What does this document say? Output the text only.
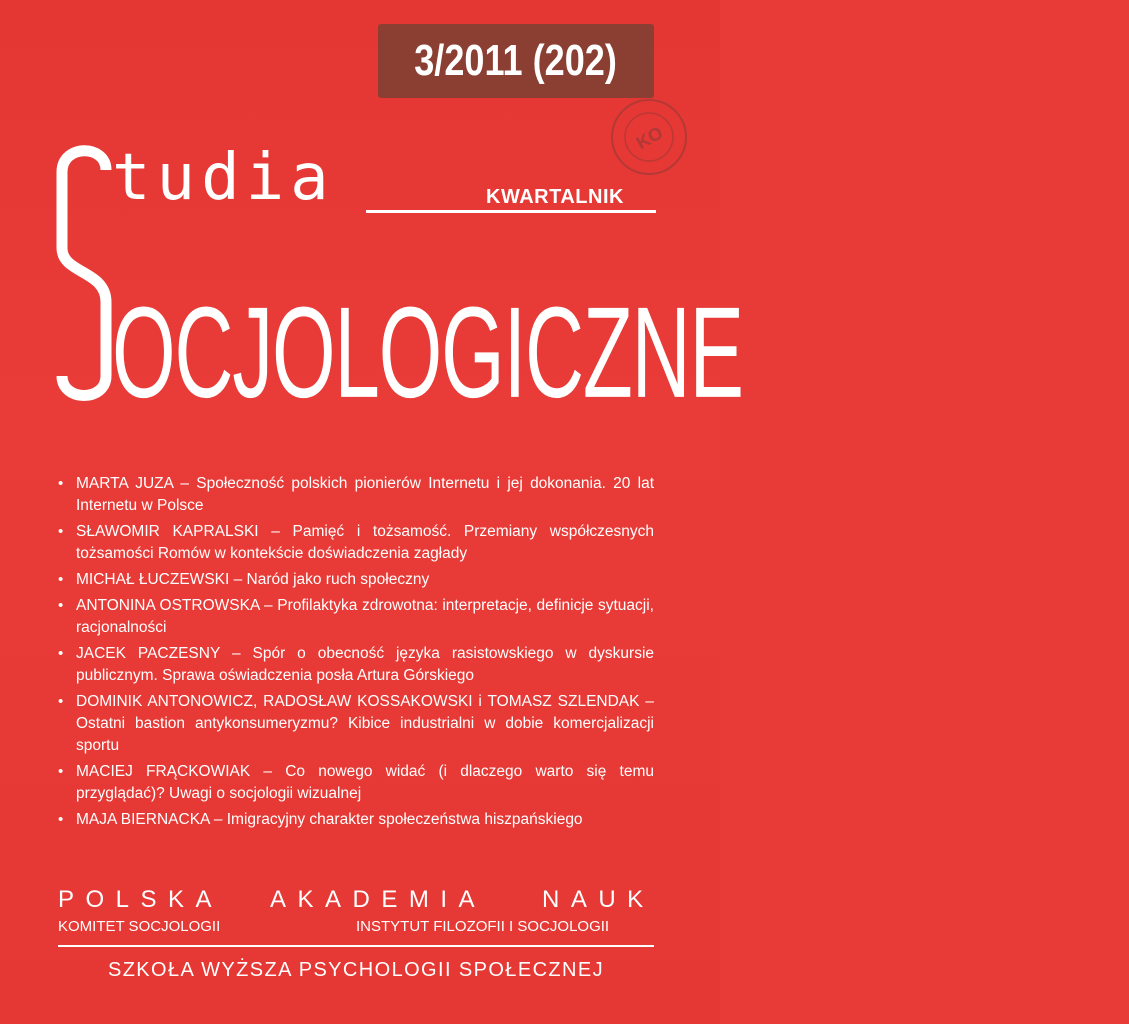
3/2011 (202)
KO
tudia	KWARTALNIK
OCJOLOGICZNE
• MARTA JUZA – Społeczność polskich pionierów Internetu i jej dokonania. 20 lat Internetu w Polsce
• SŁAWOMIR KAPRALSKI – Pamięć i tożsamość. Przemiany współczesnych tożsamości Romów w kontekście doświadczenia zagłady
• MICHAŁ ŁUCZEWSKI – Naród jako ruch społeczny
• ANTONINA OSTROWSKA – Profilaktyka zdrowotna: interpretacje, definicje sytuacji, racjonalności
• JACEK PACZESNY – Spór o obecność języka rasistowskiego w dyskursie publicznym. Sprawa oświadczenia posła Artura Górskiego
• DOMINIK ANTONOWICZ, RADOSŁAW KOSSAKOWSKI i TOMASZ SZLENDAK – Ostatni bastion antykonsumeryzmu? Kibice industrialni w dobie komercjalizacji sportu
• MACIEJ FRĄCKOWIAK – Co nowego widać (i dlaczego warto się temu przyglądać)? Uwagi o socjologii wizualnej
• MAJA BIERNACKA – Imigracyjny charakter społeczeństwa hiszpańskiego
POLSKA AKADEMIA NAUK
KOMITET SOCJOLOGII	INSTYTUT FILOZOFII I SOCJOLOGII
SZKOŁA WYŻSZA PSYCHOLOGII SPOŁECZNEJ
